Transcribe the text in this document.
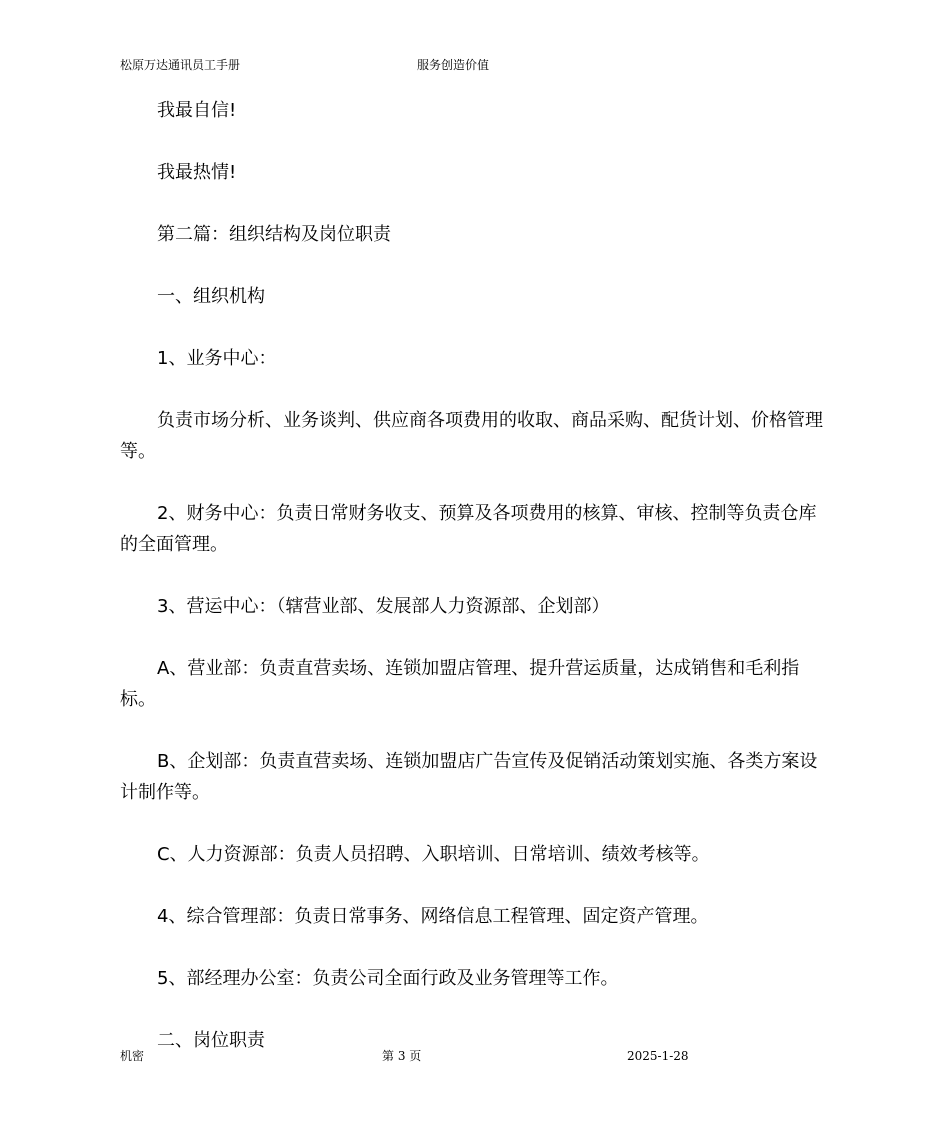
松原万达通讯员工手册	服务创造价值

我最自信!

我最热情!

第二篇：组织结构及岗位职责

一、组织机构

1、业务中心：

负责市场分析、业务谈判、供应商各项费用的收取、商品采购、配货计划、价格管理等。

2、财务中心：负责日常财务收支、预算及各项费用的核算、审核、控制等负责仓库的全面管理。

3、营运中心：（辖营业部、发展部人力资源部、企划部）

A、营业部：负责直营卖场、连锁加盟店管理、提升营运质量，达成销售和毛利指标。

B、企划部：负责直营卖场、连锁加盟店广告宣传及促销活动策划实施、各类方案设计制作等。

C、人力资源部：负责人员招聘、入职培训、日常培训、绩效考核等。

4、综合管理部：负责日常事务、网络信息工程管理、固定资产管理。

5、部经理办公室：负责公司全面行政及业务管理等工作。

二、岗位职责

机密	第 3 页	2025-1-28
